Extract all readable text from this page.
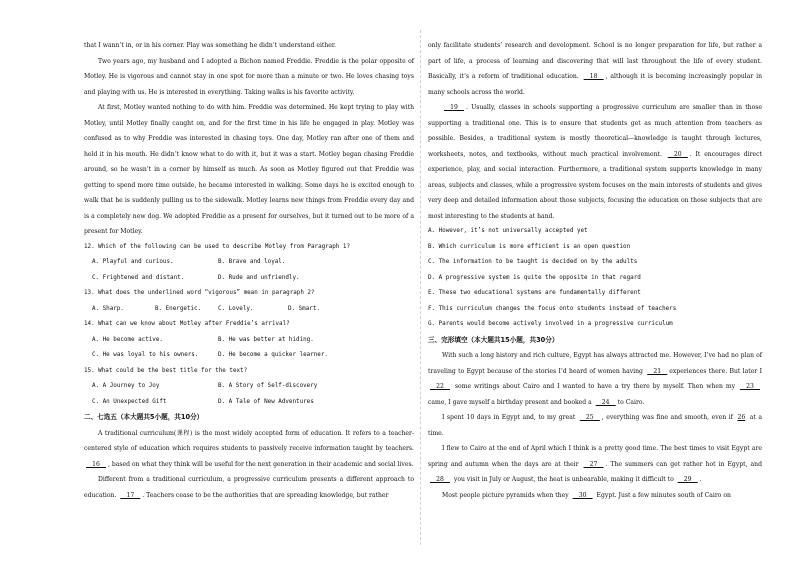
that I wann’t in, or in his corner. Play was something he didn’t understand either.

Two years ago, my husband and I adopted a Bichon named Freddie. Freddie is the polar opposite of Motley. He is vigorous and cannot stay in one spot for more than a minute or two. He loves chasing toys and playing with us. He is interested in everything. Taking walks is his favorite activity.

At first, Motley wanted nothing to do with him. Freddie was determined. He kept trying to play with Motley, until Motley finally caught on, and for the first time in his life he engaged in play. Motley was confused as to why Freddie was interested in chasing toys. One day, Motley ran after one of them and held it in his mouth. He didn’t know what to do with it, but it was a start. Motley began chasing Freddie around, so he wasn’t in a corner by himself as much. As soon as Motley figured out that Freddie was getting to spend more time outside, he became interested in walking. Some days he is excited enough to walk that he is suddenly pulling us to the sidewalk. Motley learns new things from Freddie every day and is a completely new dog. We adopted Freddie as a present for ourselves, but it turned out to be more of a present for Motley.

12. Which of the following can be used to describe Motley from Paragraph 1?

A. Playful and curious.	B. Brave and loyal.
C. Frightened and distant.	D. Rude and unfriendly.

13. What does the underlined word “vigorous” mean in paragraph 2?

A. Sharp.	B. Energetic.	C. Lovely.	D. Smart.

14. What can we know about Motley after Freddie’s arrival?

A. He become active.	B. He was better at hiding.
C. He was loyal to his owners.	D. He become a quicker learner.

15. What could be the best title for the text?

A. A Journey to Joy	B. A Story of Self-discovery
C. An Unexpected Gift	D. A Tale of New Adventures

二、七选五（本大题共5小题，共10分）

A traditional curriculum(课程) is the most widely accepted form of education. It refers to a teacher-centered style of education which requires students to passively receive information taught by teachers. __16__ , based on what they think will be useful for the next generation in their academic and social lives.

Different from a traditional curriculum, a progressive curriculum presents a different approach to education. __17__ . Teachers cease to be the authorities that are spreading knowledge, but rather

only facilitate students’ research and development. School is no longer preparation for life, but rather a part of life, a process of learning and discovering that will last throughout the life of every student. Basically, it’s a reform of traditional education. __18__ , although it is becoming increasingly popular in many schools across the world.

__19__ . Usually, classes in schools supporting a progressive curriculum are smaller than in those supporting a traditional one. This is to ensure that students get as much attention from teachers as possible. Besides, a traditional system is mostly theoretical—knowledge is taught through lectures, worksheets, notes, and textbooks, without much practical involvement. __20__ . It encourages direct experience, play, and social interaction. Furthermore, a traditional system supports knowledge in many areas, subjects and classes, while a progressive system focuses on the main interests of students and gives very deep and detailed information about those subjects, focusing the education on those subjects that are most interesting to the students at hand.

A. However, it’s not universally accepted yet

B. Which curriculum is more efficient is an open question

C. The information to be taught is decided on by the adults

D. A progressive system is quite the opposite in that regard

E. These two educational systems are fundamentally different

F. This curriculum changes the focus onto students instead of teachers

G. Parents would become actively involved in a progressive curriculum

三、完形填空（本大题共15小题，共30分）

With such a long history and rich culture, Egypt has always attracted me. However, I’ve had no plan of traveling to Egypt because of the stories I’d heard of women having __21__ experiences there. But later I __22__ some writings about Cairo and I wanted to have a try there by myself. Then when my __23__ came, I gave myself a birthday present and booked a __24__ to Cairo.

I spent 10 days in Egypt and, to my great __25__ , everything was fine and smooth, even if 26 at a time.

I flew to Cairo at the end of April which I think is a pretty good time. The best times to visit Egypt are spring and autumn when the days are at their __27__ . The summers can get rather hot in Egypt, and __28__ you visit in July or August, the heat is unbearable, making it difficult to __29__ .

Most people picture pyramids when they __30__ Egypt. Just a few minutes south of Cairo on
